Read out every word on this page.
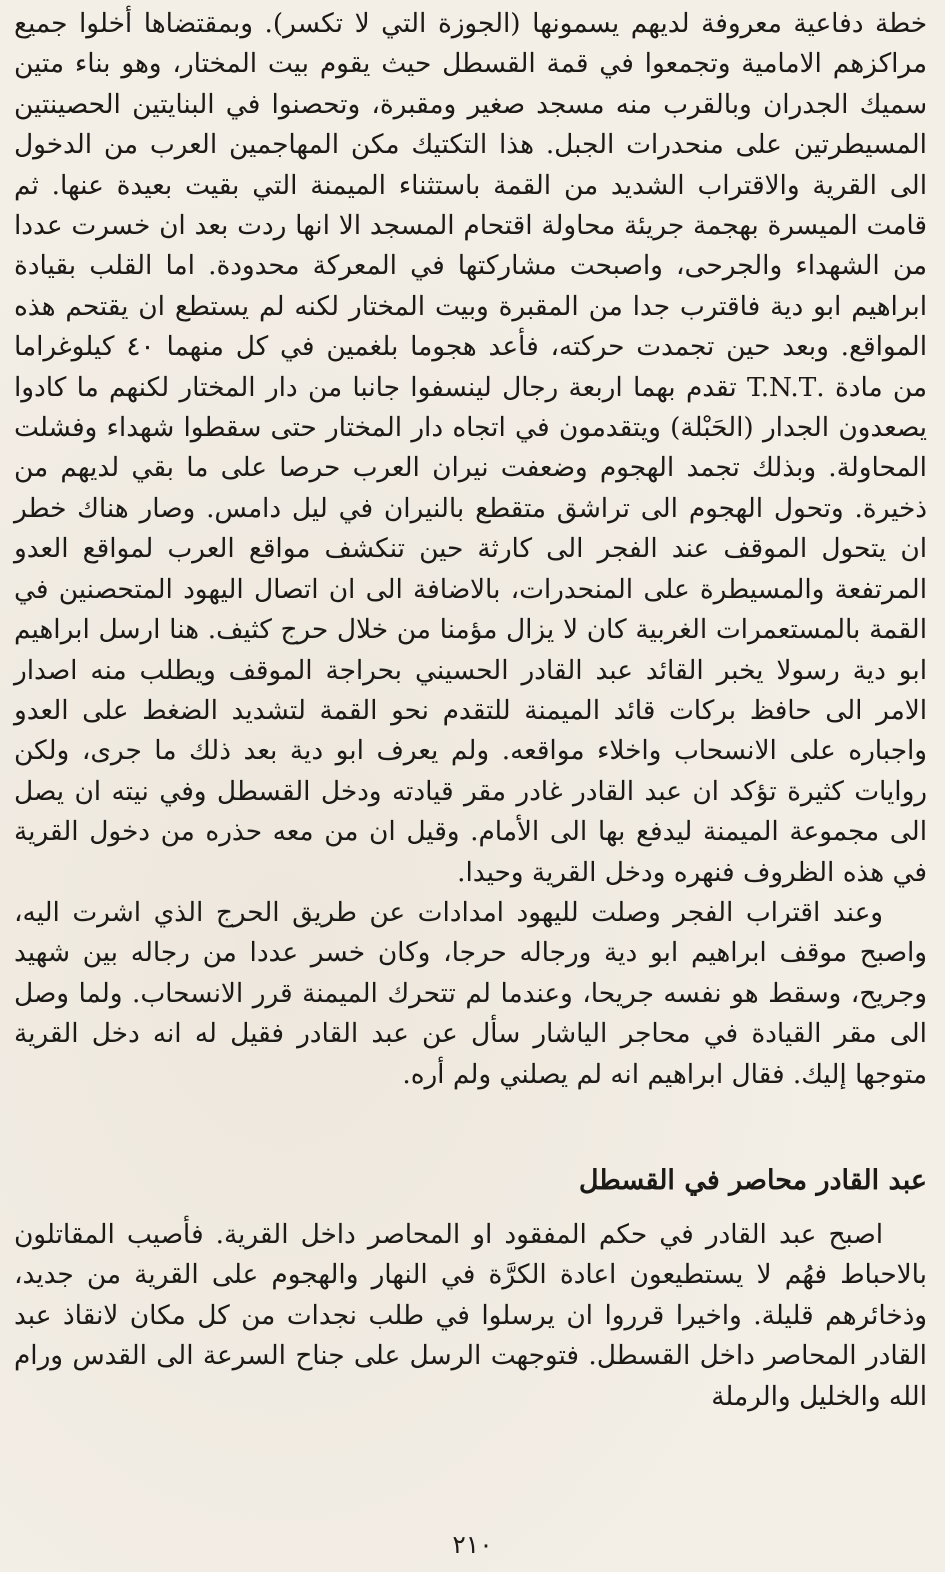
خطة دفاعية معروفة لديهم يسمونها (الجوزة التي لا تكسر). وبمقتضاها أخلوا جميع مراكزهم الامامية وتجمعوا في قمة القسطل حيث يقوم بيت المختار، وهو بناء متين سميك الجدران وبالقرب منه مسجد صغير ومقبرة، وتحصنوا في البنايتين الحصينتين المسيطرتين على منحدرات الجبل. هذا التكتيك مكن المهاجمين العرب من الدخول الى القرية والاقتراب الشديد من القمة باستثناء الميمنة التي بقيت بعيدة عنها. ثم قامت الميسرة بهجمة جريئة محاولة اقتحام المسجد الا انها ردت بعد ان خسرت عددا من الشهداء والجرحى، واصبحت مشاركتها في المعركة محدودة. اما القلب بقيادة ابراهيم ابو دية فاقترب جدا من المقبرة وبيت المختار لكنه لم يستطع ان يقتحم هذه المواقع. وبعد حين تجمدت حركته، فأعد هجوما بلغمين في كل منهما ٤٠ كيلوغراما من مادة .T.N.T تقدم بهما اربعة رجال لينسفوا جانبا من دار المختار لكنهم ما كادوا يصعدون الجدار (الحَبْلة) ويتقدمون في اتجاه دار المختار حتى سقطوا شهداء وفشلت المحاولة. وبذلك تجمد الهجوم وضعفت نيران العرب حرصا على ما بقي لديهم من ذخيرة. وتحول الهجوم الى تراشق متقطع بالنيران في ليل دامس. وصار هناك خطر ان يتحول الموقف عند الفجر الى كارثة حين تنكشف مواقع العرب لمواقع العدو المرتفعة والمسيطرة على المنحدرات، بالاضافة الى ان اتصال اليهود المتحصنين في القمة بالمستعمرات الغربية كان لا يزال مؤمنا من خلال حرج كثيف. هنا ارسل ابراهيم ابو دية رسولا يخبر القائد عبد القادر الحسيني بحراجة الموقف ويطلب منه اصدار الامر الى حافظ بركات قائد الميمنة للتقدم نحو القمة لتشديد الضغط على العدو واجباره على الانسحاب واخلاء مواقعه. ولم يعرف ابو دية بعد ذلك ما جرى، ولكن روايات كثيرة تؤكد ان عبد القادر غادر مقر قيادته ودخل القسطل وفي نيته ان يصل الى مجموعة الميمنة ليدفع بها الى الأمام. وقيل ان من معه حذره من دخول القرية في هذه الظروف فنهره ودخل القرية وحيدا.

وعند اقتراب الفجر وصلت لليهود امدادات عن طريق الحرج الذي اشرت اليه، واصبح موقف ابراهيم ابو دية ورجاله حرجا، وكان خسر عددا من رجاله بين شهيد وجريح، وسقط هو نفسه جريحا، وعندما لم تتحرك الميمنة قرر الانسحاب. ولما وصل الى مقر القيادة في محاجر الياشار سأل عن عبد القادر فقيل له انه دخل القرية متوجها إليك. فقال ابراهيم انه لم يصلني ولم أره.

عبد القادر محاصر في القسطل

اصبح عبد القادر في حكم المفقود او المحاصر داخل القرية. فأصيب المقاتلون بالاحباط فهُم لا يستطيعون اعادة الكرَّة في النهار والهجوم على القرية من جديد، وذخائرهم قليلة. واخيرا قرروا ان يرسلوا في طلب نجدات من كل مكان لانقاذ عبد القادر المحاصر داخل القسطل. فتوجهت الرسل على جناح السرعة الى القدس ورام الله والخليل والرملة

٢١٠
